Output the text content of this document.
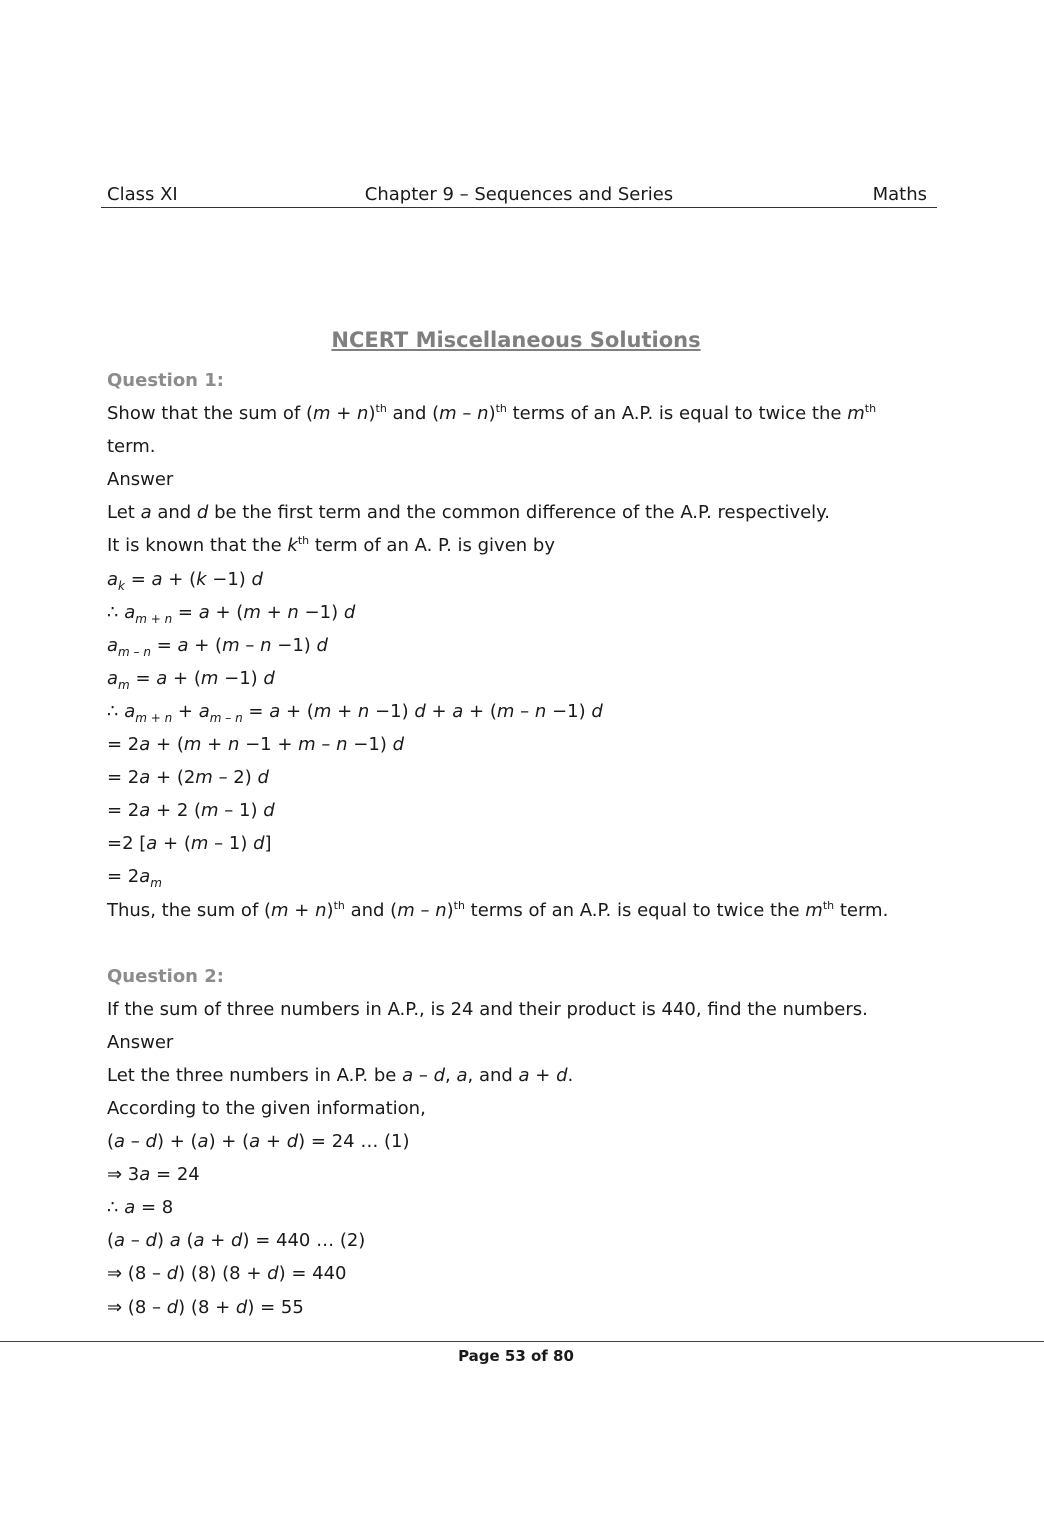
Class XI	Chapter 9 – Sequences and Series	Maths
NCERT Miscellaneous Solutions
Question 1:
Show that the sum of $(m + n)^{th}$ and (m – n)$^{th}$ terms of an A.P. is equal to twice the $m^{th}$
term.
Answer
Let a and d be the first term and the common difference of the A.P. respectively.
It is known that the $k^{th}$ term of an A. P. is given by
$a_k = a + (k -1)$ d
∴ $a_{m + n} = a + (m + n -1)$ d
$a_{m - n} = a + (m - n -1)$ d
$a_m = a + (m -1)$ d
∴ $a_{m + n} + a_{m - n} = a + (m + n -1) d + a + (m - n -1)$ d
= 2a + (m + n −1 + m – n −1) d
= 2a + (2m – 2) d
= 2a + 2 (m – 1) d
=2 [a + (m – 1) d]
= $2a_m$
Thus, the sum of $(m + n)^{th}$ and (m – n)$^{th}$ terms of an A.P. is equal to twice the $m^{th}$ term.
Question 2:
If the sum of three numbers in A.P., is 24 and their product is 440, find the numbers.
Answer
Let the three numbers in A.P. be a – d, a, and a + d.
According to the given information,
(a – d) + (a) + (a + d) = 24 … (1)
⇒ 3a = 24
∴ a = 8
(a – d) a (a + d) = 440 … (2)
⇒ (8 – d) (8) (8 + d) = 440
⇒ (8 – d) (8 + d) = 55
Page 53 of 80
